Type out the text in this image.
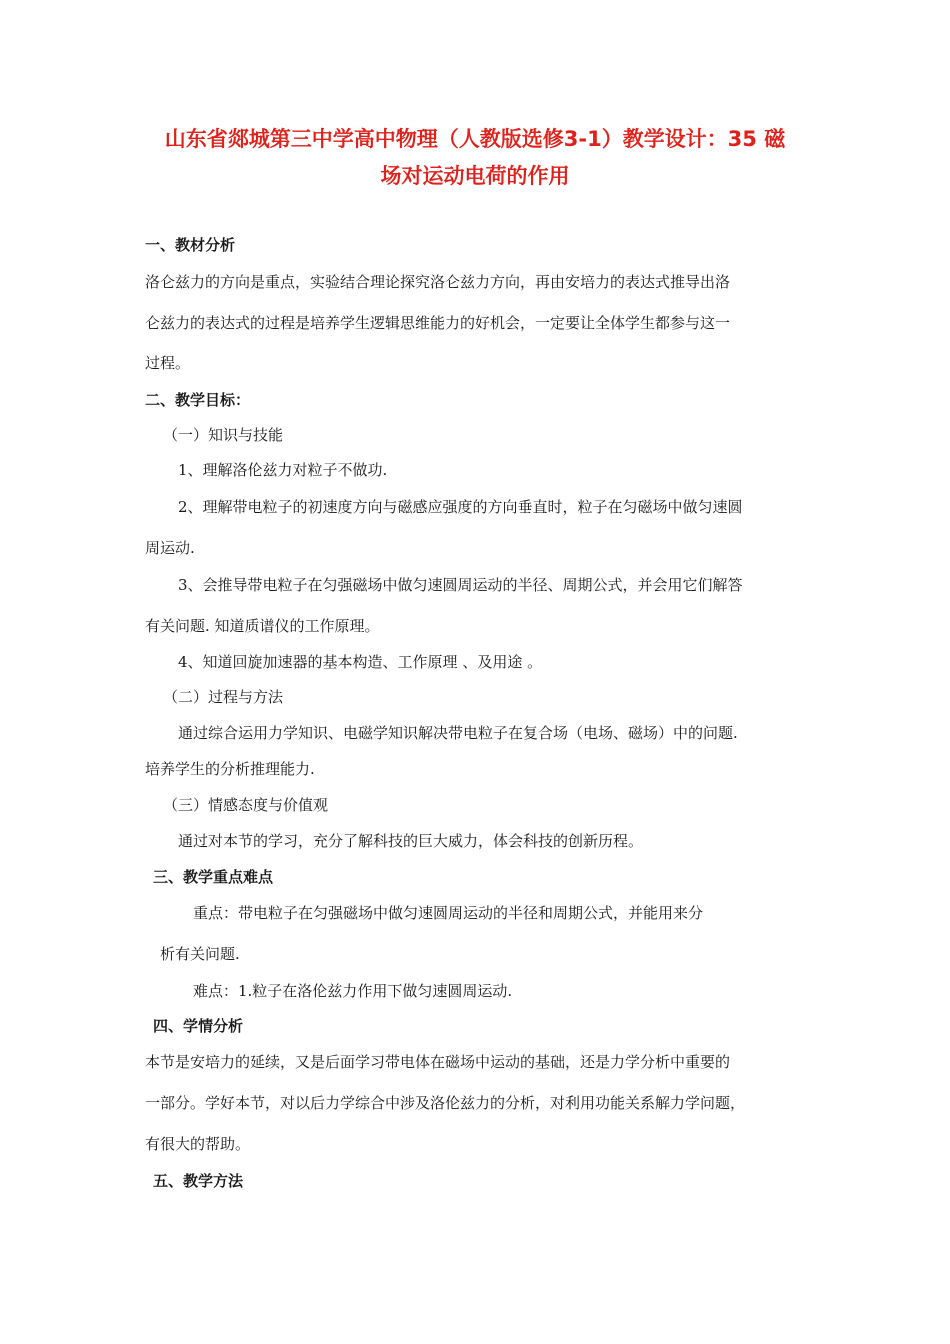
山东省郯城第三中学高中物理（人教版选修3-1）教学设计：35 磁
场对运动电荷的作用
一、教材分析
洛仑兹力的方向是重点，实验结合理论探究洛仑兹力方向，再由安培力的表达式推导出洛
仑兹力的表达式的过程是培养学生逻辑思维能力的好机会，一定要让全体学生都参与这一
过程。
二、教学目标：
（一）知识与技能
1、理解洛伦兹力对粒子不做功.
2、理解带电粒子的初速度方向与磁感应强度的方向垂直时，粒子在匀磁场中做匀速圆
周运动.
3、会推导带电粒子在匀强磁场中做匀速圆周运动的半径、周期公式，并会用它们解答
有关问题. 知道质谱仪的工作原理。
4、知道回旋加速器的基本构造、工作原理 、及用途 。
（二）过程与方法
通过综合运用力学知识、电磁学知识解决带电粒子在复合场（电场、磁场）中的问题.
培养学生的分析推理能力.
（三）情感态度与价值观
通过对本节的学习，充分了解科技的巨大威力，体会科技的创新历程。
三、教学重点难点
重点：带电粒子在匀强磁场中做匀速圆周运动的半径和周期公式，并能用来分
析有关问题.
难点：1.粒子在洛伦兹力作用下做匀速圆周运动.
四、学情分析
本节是安培力的延续，又是后面学习带电体在磁场中运动的基础，还是力学分析中重要的
一部分。学好本节，对以后力学综合中涉及洛伦兹力的分析，对利用功能关系解力学问题，
有很大的帮助。
五、教学方法
